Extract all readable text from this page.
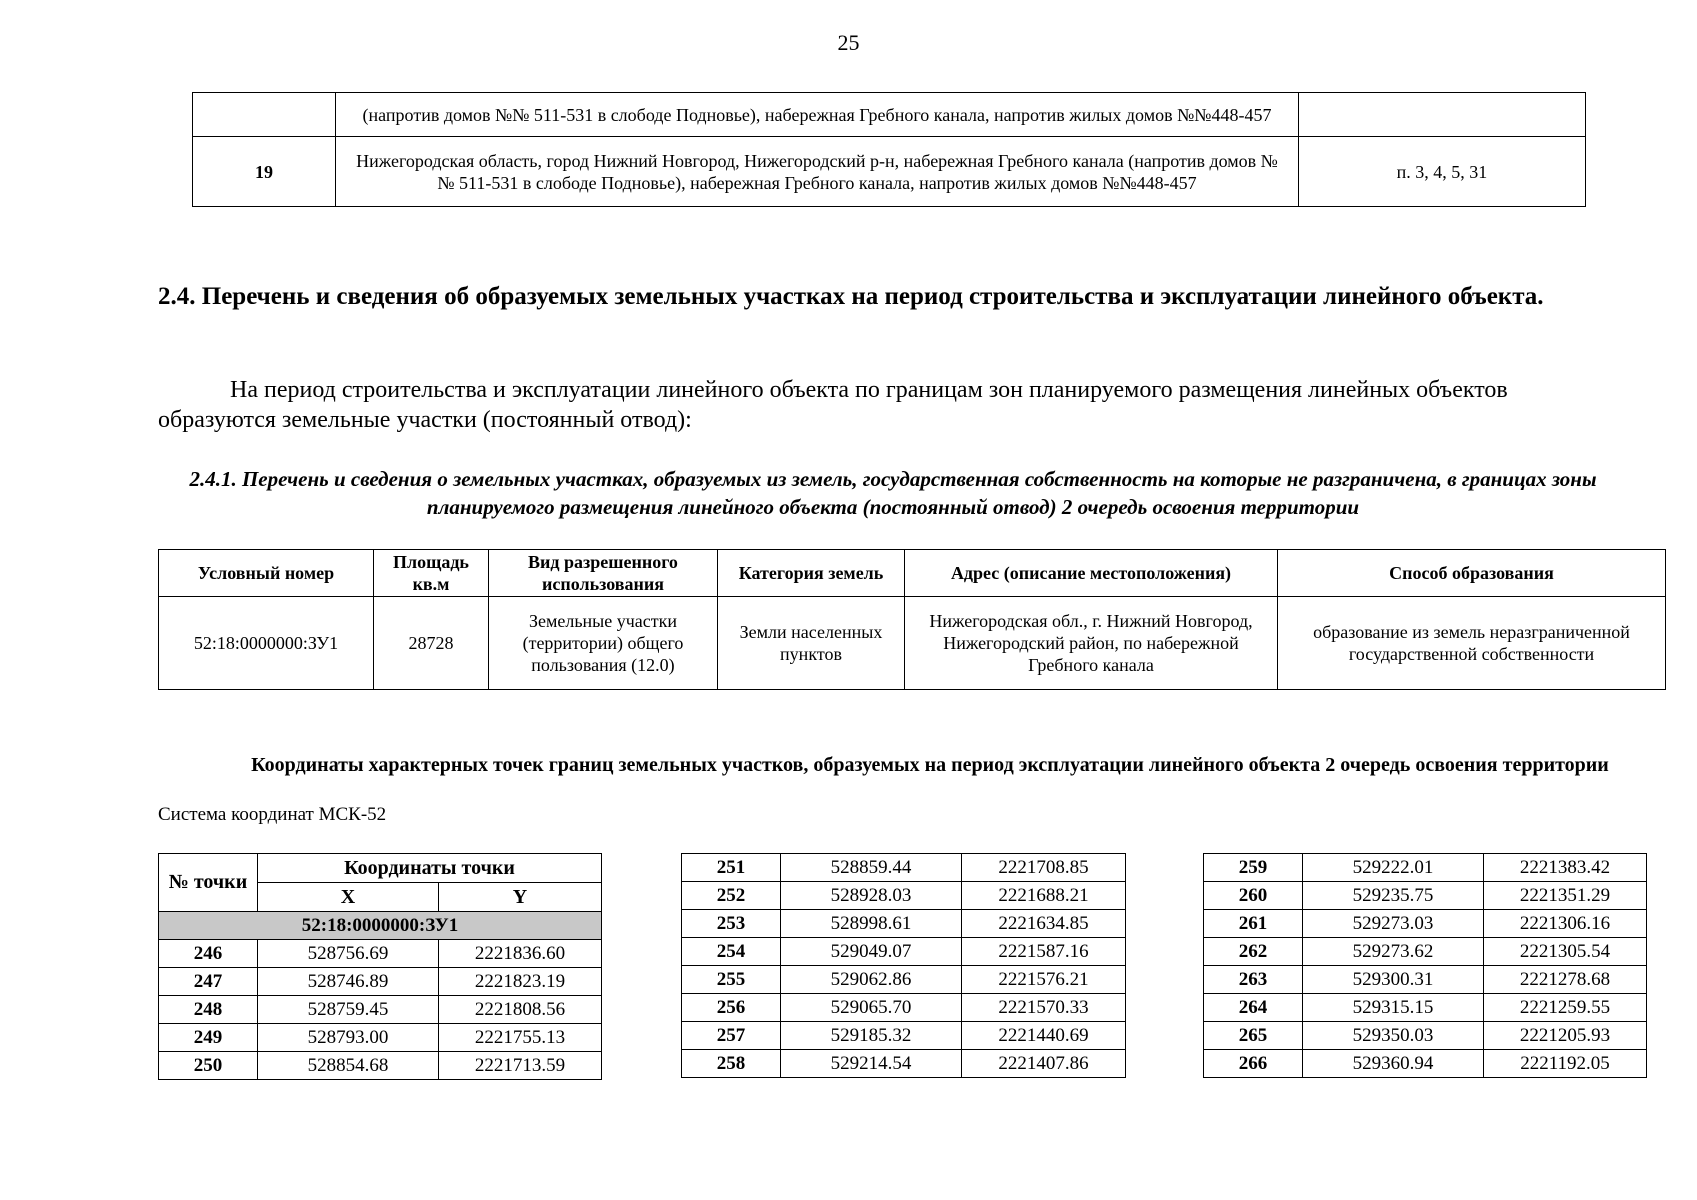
25
	(напротив домов №№ 511-531 в слободе Подновье), набережная Гребного канала, напротив жилых домов №№448-457	
19	Нижегородская область, город Нижний Новгород, Нижегородский р-н, набережная Гребного канала (напротив домов №№ 511-531 в слободе Подновье), набережная Гребного канала, напротив жилых домов №№448-457	п. 3, 4, 5, 31
2.4. Перечень и сведения об образуемых земельных участках на период строительства и эксплуатации линейного объекта.
На период строительства и эксплуатации линейного объекта по границам зон планируемого размещения линейных объектов образуются земельные участки (постоянный отвод):
2.4.1. Перечень и сведения о земельных участках, образуемых из земель, государственная собственность на которые не разграничена, в границах зоны планируемого размещения линейного объекта (постоянный отвод) 2 очередь освоения территории
Условный номер	Площадь кв.м	Вид разрешенного использования	Категория земель	Адрес (описание местоположения)	Способ образования
52:18:0000000:ЗУ1	28728	Земельные участки (территории) общего пользования (12.0)	Земли населенных пунктов	Нижегородская обл., г. Нижний Новгород, Нижегородский район, по набережной Гребного канала	образование из земель неразграниченной государственной собственности
Координаты характерных точек границ земельных участков, образуемых на период эксплуатации линейного объекта 2 очередь освоения территории
Система координат МСК-52
№ точки	Координаты точки	
	X	Y
52:18:0000000:ЗУ1		
246	528756.69	2221836.60
247	528746.89	2221823.19
248	528759.45	2221808.56
249	528793.00	2221755.13
250	528854.68	2221713.59
251	528859.44	2221708.85
252	528928.03	2221688.21
253	528998.61	2221634.85
254	529049.07	2221587.16
255	529062.86	2221576.21
256	529065.70	2221570.33
257	529185.32	2221440.69
258	529214.54	2221407.86
259	529222.01	2221383.42
260	529235.75	2221351.29
261	529273.03	2221306.16
262	529273.62	2221305.54
263	529300.31	2221278.68
264	529315.15	2221259.55
265	529350.03	2221205.93
266	529360.94	2221192.05
